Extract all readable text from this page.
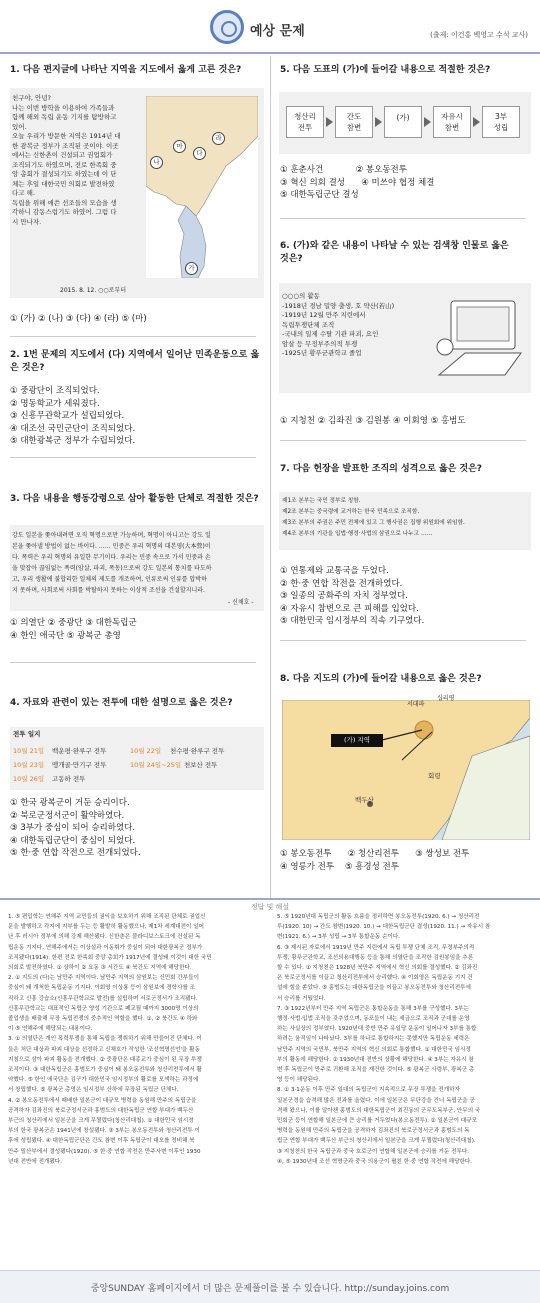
예상 문제	(출제: 이건홍 백영고 수석 교사)
1. 다음 편지글에 나타난 지역을 지도에서 옳게 고른 것은?
친구야, 안녕?
나는 이번 방학을 이용하여 가족들과
함께 해외 독립 운동 기지를 탐방하고
있어.
오늘 우리가 방문한 지역은 1914년 대
한 광복군 정부가 조직된 곳이야. 이곳
에서는 신한촌이 건설되고 권업회가
조직되기도 하였으며, 전로 한족회 중
앙 총회가 결성되기도 하였는데 이 단
체는 후일 대한국민 의회로 발전하였
다고 해.
독립을 위해 애쓴 선조들의 모습을 생
각하니 감동스럽기도 하였어. 그럼 다
시 만나자.
2015. 8. 12. ○○로부터
라
다
마
나
가
① (가) ② (나) ③ (다) ④ (라) ⑤ (마)
2. 1번 문제의 지도에서 (다) 지역에서 일어난 민족운동으로 옳
은 것은?
① 중광단이 조직되었다.
② 명동학교가 세워졌다.
③ 신흥무관학교가 설립되었다.
④ 대조선 국민군단이 조직되었다.
⑤ 대한광복군 정부가 수립되었다.
3. 다음 내용을 행동강령으로 삼아 활동한 단체로 적절한 것은?
강도 일본을 쫓아내려면 오직 혁명으로만 가능하며, 혁명이 아니고는 강도 일
본을 쫓아낼 방법이 없는 바이다. …… 민중은 우리 혁명의 대본영(大本營)이
다. 폭력은 우리 혁명의 유일한 무기이다. 우리는 민중 속으로 가서 민중과 손
을 맞잡아 끊임없는 폭력(암살, 파괴, 폭동)으로써 강도 일본의 통치를 타도하
고, 우리 생활에 불합리한 일체의 제도를 개조하여, 인류로써 인류를 압박하
지 못하며, 사회로써 사회를 박탈하지 못하는 이상적 조선을 건설할지니라.
- 신채호 -
① 의열단 ② 중광단 ③ 대한독립군
④ 한인 애국단 ⑤ 광복군 총영
4. 자료와 관련이 있는 전투에 대한 설명으로 옳은 것은?
전투 일지
10월 21일 백운평·완루구 전투	10월 22일 천수평·완루구 전투
10월 23일 맹개골·만기구 전투	10월 24일~25일 천보산 전투
10월 26일 고동하 전투
① 한국 광복군이 거둔 승리이다.
② 북로군정서군이 활약하였다.
③ 3부가 중심이 되어 승리하였다.
④ 대한독립군단이 중심이 되었다.
⑤ 한·중 연합 작전으로 전개되었다.
5. 다음 도표의 (가)에 들어갈 내용으로 적절한 것은?
청산리
전투
간도
참변
(가)	자유시
참변
3부
성립
① 훈춘사건            ② 봉오동전투
③ 혁신 의회 결성      ④ 미쓰야 협정 체결
⑤ 대한독립군단 결성
6. (가)와 같은 내용이 나타날 수 있는 검색창 인물로 옳은
것은?
○○○의 활동
-1918년 경남 밀양 출생, 호 약산(若山)
-1919년 12월 만주 지린에서
독립투쟁단체 조직
-국내의 일제 수탈 기관 파괴, 요인
암살 등 무정부주의적 투쟁
-1925년 황푸군관학교 졸업
① 지청천 ② 김좌진 ③ 김원봉 ④ 이회영 ⑤ 홍범도
7. 다음 헌장을 발표한 조직의 성격으로 옳은 것은?
제1조 본부는 국민 정부로 칭함.
제2조 본부는 중국령에 교거하는 한국 민족으로 조직함.
제3조 본부의 주권은 주민 전체에 있고 그 행사권은 집행 위원회에 위임함.
제4조 본부의 기관을 입법·행정·사법의 삼권으로 나누고 ……
① 연통제와 교통국을 두었다.
② 한·중 연합 작전을 전개하였다.
③ 일종의 공화주의 자치 정부였다.
④ 자유시 참변으로 큰 피해를 입었다.
⑤ 대한민국 임시정부의 직속 기구였다.
8. 다음 지도의 (가)에 들어갈 내용으로 옳은 것은?
서대파
십리평
(가) 지역
회령
백두산
① 봉오동전투      ② 청산리전투      ③ 쌍성보 전투
④ 영릉가 전투    ⑤ 흥경성 전투
정답 및 해설
1. ⑤ 편입학는 연해주 지역 교민들의 권익을 보호하기 위해 조직된 단체로 권업신
문을 발행하고 각지에 지부를 두는 등 활발히 활동했으나, 제1차 세계대전이 일어
난 후 러시아 정부에 의해 강제 해산됐다. 신한촌은 블라디보스토크에 건설된 독
립운동 기지다. 연해주에서는 이상설과 이동휘가 중심이 되어 대한광복군 정부가
조직됐다(1914). 한편 전로 한족회 중앙 총회가 1917년에 결성돼 이것이 대한 국민
의회로 발전하였다. ① 상하이 ② 요동 ③ 서간도 ④ 북간도 지역에 해당한다.
2. ① 지도의 (다)는 남만주 지역이다. 남만주 지역의 삼원보는 신민회 간부들이
중심이 돼 개척한 독립운동 기지다. 이회영 이상룡 등이 삼원보에 경학사를 조
직하고 신흥 강습소(신흥무관학교로 발전)를 설립하며 서로군정서가 조직됐다.
신흥무관학교는 대표적인 독립군 양성 기관으로 폐교될 때까지 3000명 이상의
졸업생을 배출해 무장 독립전쟁의 중추적인 역할을 했다. ①, ② 북간도 ④ 하와
이 ⑤ 연해주에 해당되는 내용이다.
3. ① 의열단은 개인 폭력투쟁을 통해 독립을 쟁취하기 위해 만들어진 단체다. 이
들은 처단 대상과 파괴 대상을 선정하고 신채호가 작성한 '조선혁명선언'을 활동
지침으로 삼아 파괴 활동을 전개했다. ② 중광단은 대종교가 중심이 된 무장 투쟁
조직이다. ③ 대한독립군은 홍범도가 중심이 돼 봉오동전투와 청산리전투에서 활
약했다. ⑤ 한인 애국단은 김구가 대한민국 임시정부의 활로를 모색하는 과정에
서 창립했다. ⑤ 광복군 총영은 임시정부 산하에 무장된 독립군 단체다.
4. ② 봉오동전투에서 패배한 일본군이 대규모 병력을 동원해 만주의 독립군을
공격하자 김좌진의 북로군정서군과 홍범도의 대한독립군 연합 부대가 백두산
부근의 청산리에서 일본군을 크게 무찔렀다(청산리대첩). ① 대한민국 임시정
부의 한국 광복군은 1941년에 창설됐다. ③ 3부는 봉오동전투와 청산리전투 이
후에 성립됐다. ④ 대한독립군단은 간도 참변 이후 독립군이 대오를 정비해 북
만주 밀산부에서 결성됐다(1920). ⑤ 한·중 연합 작전은 만주사변 이후인 1930
년대 전반에 전개됐다.
5. ⑤ 1920년대 독립군의 활동 흐름을 정리하면 봉오동전투(1920. 6.) → 청산리전
투(1920. 10) → 간도 참변(1920. 10.) → 대한독립군단 결성(1920. 11.) → 자유시 참
변(1921. 6.) → 3부 성립 → 3부 통합운동 순이다.
6. ③ 제시된 자료에서 1919년 만주 지린에서 독립 투쟁 단체 조직, 무정부주의적
투쟁, 황푸군관학교, 조선의용대행동 등을 통해 의열단을 조직한 김원봉임을 추론
할 수 있다. ① 지청천은 1928년 북만주 지역에서 혁신 의회를 결성했다. ② 김좌진
은 북로군정서를 이끌고 청산리전투에서 승리했다. ④ 이회영은 독립운동 기지 건
설에 힘을 쏟았다. ⑤ 홍범도는 대한독립군을 이끌고 봉오동전투와 청산리전투에
서 승리를 거뒀었다.
7. ③ 1922년부터 만주 지역 독립군은 통합운동을 통해 3부를 구성했다. 3부는
행정·사법·입법 조직을 갖추었으며, 동포들이 내는 세금으로 조직과 군대를 운영
하는 사실상의 정부였다. 1920년대 중반 만주 유일당 운동이 일어나자 3부를 통합
하려는 움직임이 나타났다. 3부를 하나로 통합하지는 못했지만 독립운동 세력은
남만주 지역의 국민부, 북만주 지역의 혁신 의회로 통합했다. ① 대한민국 임시정
부의 활동에 해당한다. ② 1930년대 전반의 상황에 해당한다. ④ 3부는 자유시 참
변 후 독립군이 만주로 귀환해 조직을 재건한 것이다. ⑤ 광복군 사령부, 광복군 총
영 등이 해당된다.
8. ① 3·1운동 이후 만주 일대의 독립군이 지속적으로 무장 투쟁을 전개하자
일본군경을 습격해 많은 전과를 올렸다. 이에 일본군은 무단강을 건너 독립군을 공
격해 왔으나, 이를 알아챈 홍범도의 대한독립군이 최진동의 군무도독부군, 안무의 국
민회군 등이 연합해 일본군에 큰 승리를 거두었다(봉오동전투). ② 일본군이 대규모
병력을 동원해 만주의 독립군을 공격하자 김좌진의 북로군정서군과 홍범도의 독
립군 연합 부대가 백두산 부근의 청산리에서 일본군을 크게 무찔렀다(청산리대첩).
③ 지청천의 한국 독립군과 중국 호로군이 연합해 일본군에 승리를 거둔 전투다.
④, ⑤ 1930년대 조선 혁명군과 중국 의용군이 펼친 한·중 연합 작전에 해당한다.
중앙SUNDAY 홈페이지에서 더 많은 문제풀이를 볼 수 있습니다. http://sunday.joins.com
